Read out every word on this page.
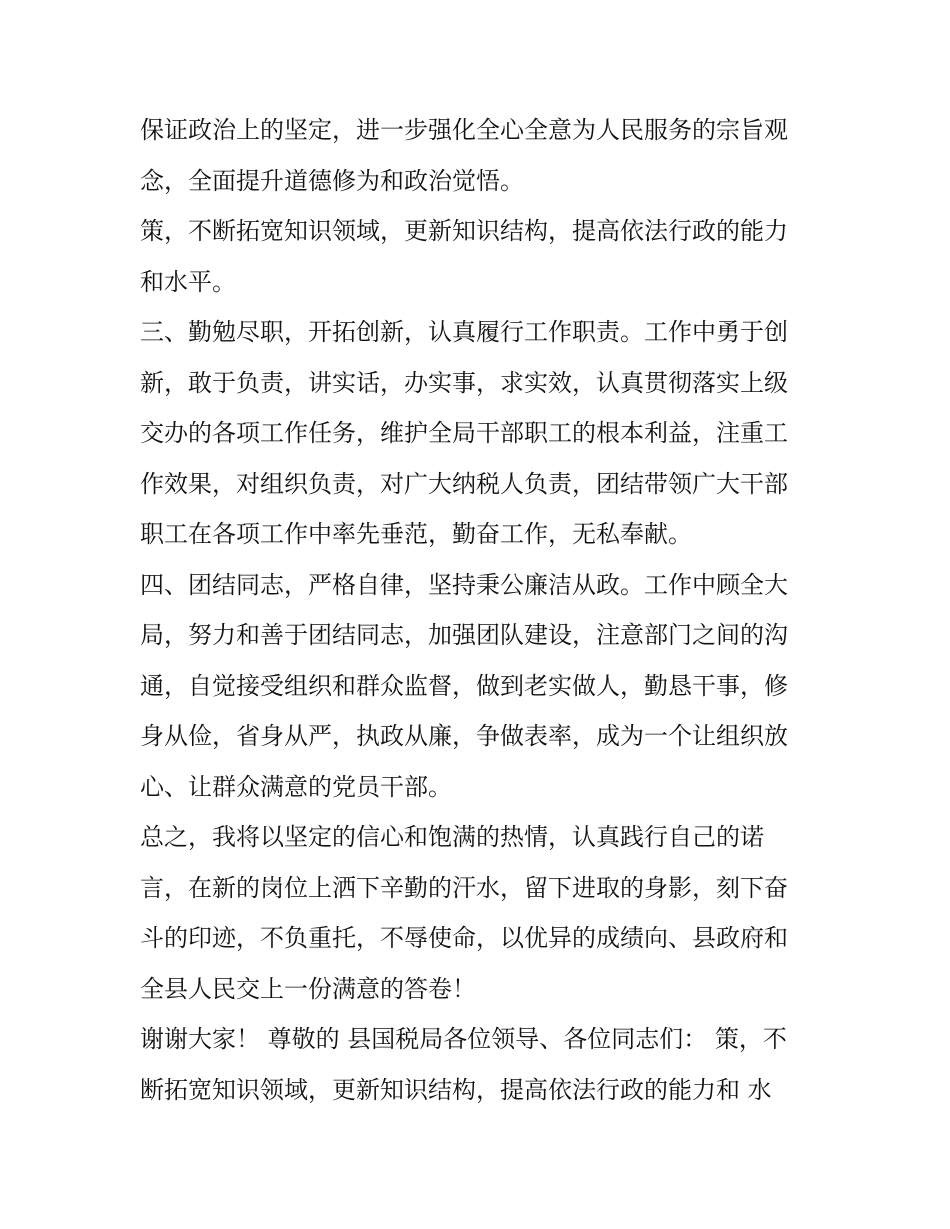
保证政治上的坚定，进一步强化全心全意为人民服务的宗旨观
念，全面提升道德修为和政治觉悟。
策，不断拓宽知识领域，更新知识结构，提高依法行政的能力
和水平。
三、勤勉尽职，开拓创新，认真履行工作职责。工作中勇于创
新，敢于负责，讲实话，办实事，求实效，认真贯彻落实上级
交办的各项工作任务，维护全局干部职工的根本利益，注重工
作效果，对组织负责，对广大纳税人负责，团结带领广大干部
职工在各项工作中率先垂范，勤奋工作，无私奉献。
四、团结同志，严格自律，坚持秉公廉洁从政。工作中顾全大
局，努力和善于团结同志，加强团队建设，注意部门之间的沟
通，自觉接受组织和群众监督，做到老实做人，勤恳干事，修
身从俭，省身从严，执政从廉，争做表率，成为一个让组织放
心、让群众满意的党员干部。
总之，我将以坚定的信心和饱满的热情，认真践行自己的诺
言，在新的岗位上洒下辛勤的汗水，留下进取的身影，刻下奋
斗的印迹，不负重托，不辱使命，以优异的成绩向、县政府和
全县人民交上一份满意的答卷！
谢谢大家！ 尊敬的 县国税局各位领导、各位同志们： 策，不
断拓宽知识领域，更新知识结构，提高依法行政的能力和 水
